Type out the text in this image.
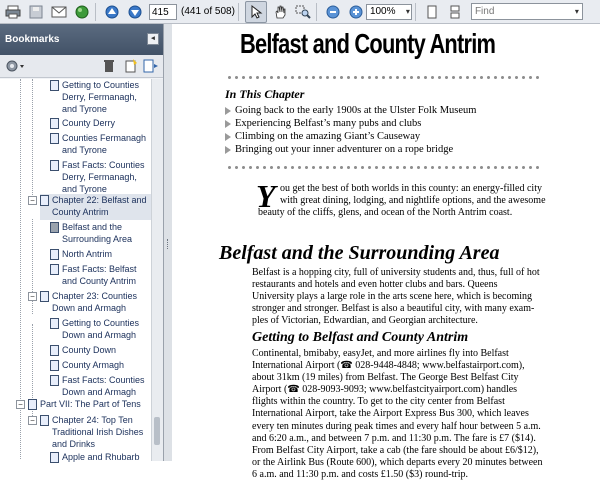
415	(441 of 508)	100% ▾	Find	▾
Bookmarks	◂
Getting to Counties Derry, Fermanagh, and Tyrone
County Derry
Counties Fermanagh and Tyrone
Fast Facts: Counties Derry, Fermanagh, and Tyrone
− Chapter 22: Belfast and County Antrim
Belfast and the Surrounding Area
North Antrim
Fast Facts: Belfast and County Antrim
− Chapter 23: Counties Down and Armagh
Getting to Counties Down and Armagh
County Down
County Armagh
Fast Facts: Counties Down and Armagh
− Part VII: The Part of Tens
− Chapter 24: Top Ten Traditional Irish Dishes and Drinks
Apple and Rhubarb
Belfast and County Antrim
In This Chapter
Going back to the early 1900s at the Ulster Folk Museum
Experiencing Belfast’s many pubs and clubs
Climbing on the amazing Giant’s Causeway
Bringing out your inner adventurer on a rope bridge
Y ou get the best of both worlds in this county: an energy-filled city
with great dining, lodging, and nightlife options, and the awesome
beauty of the cliffs, glens, and ocean of the North Antrim coast.
Belfast and the Surrounding Area
Belfast is a hopping city, full of university students and, thus, full of hot
restaurants and hotels and even hotter clubs and bars. Queens
University plays a large role in the arts scene here, which is becoming
stronger and stronger. Belfast is also a beautiful city, with many exam-
ples of Victorian, Edwardian, and Georgian architecture.
Getting to Belfast and County Antrim
Continental, bmibaby, easyJet, and more airlines fly into Belfast
International Airport (☎ 028-9448-4848; www.belfastairport.com),
about 31km (19 miles) from Belfast. The George Best Belfast City
Airport (☎ 028-9093-9093; www.belfastcityairport.com) handles
flights within the country. To get to the city center from Belfast
International Airport, take the Airport Express Bus 300, which leaves
every ten minutes during peak times and every half hour between 5 a.m.
and 6:20 a.m., and between 7 p.m. and 11:30 p.m. The fare is £7 ($14).
From Belfast City Airport, take a cab (the fare should be about £6/$12),
or the Airlink Bus (Route 600), which departs every 20 minutes between
6 a.m. and 11:30 p.m. and costs £1.50 ($3) round-trip.
